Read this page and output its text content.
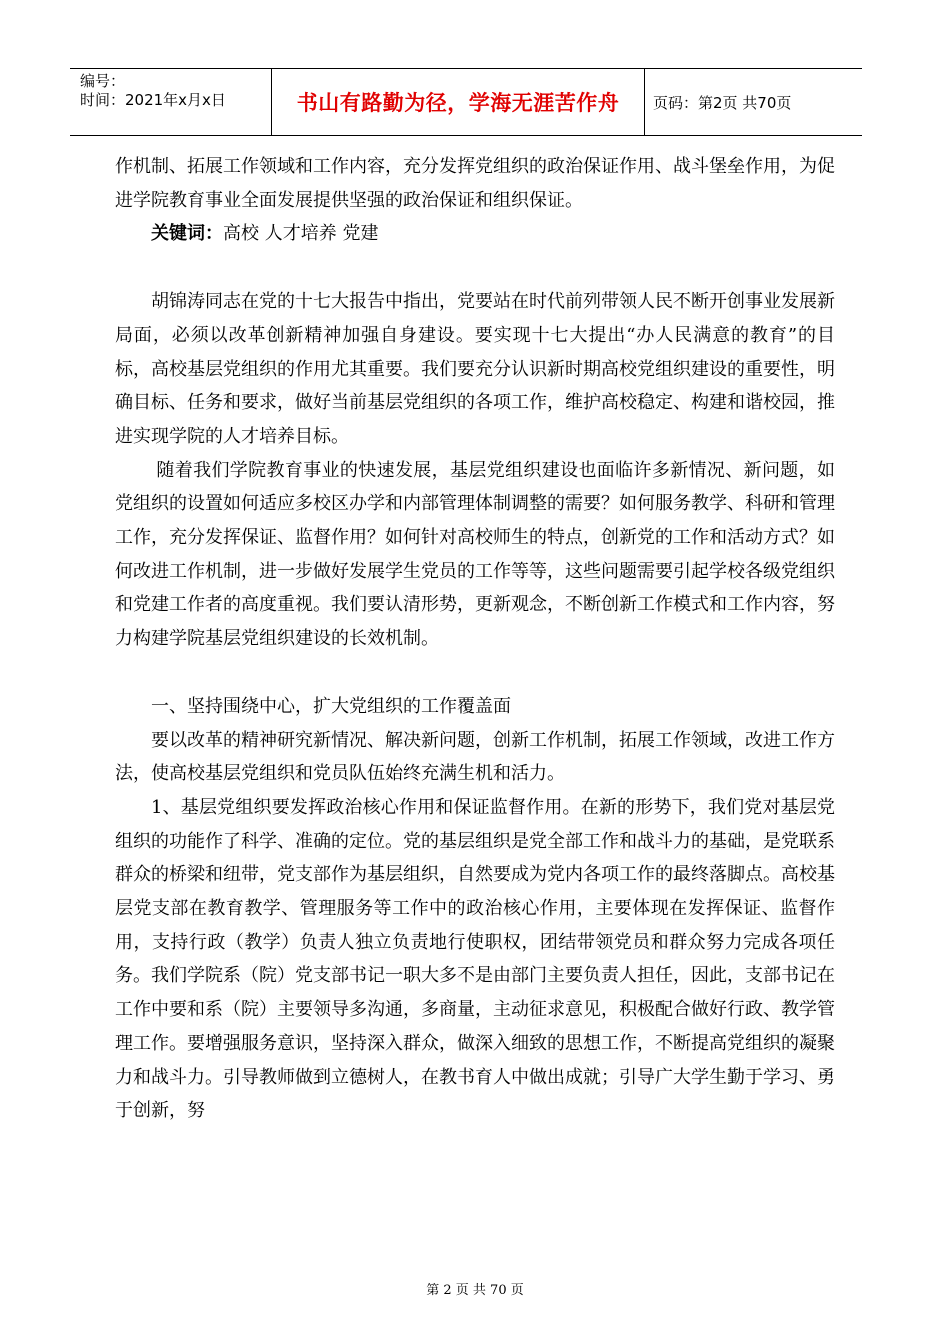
编号：
时间：2021年x月x日	书山有路勤为径，学海无涯苦作舟	页码：第2页 共70页

作机制、拓展工作领域和工作内容，充分发挥党组织的政治保证作用、战斗堡垒作用，为促进学院教育事业全面发展提供坚强的政治保证和组织保证。

关键词：高校 人才培养 党建

胡锦涛同志在党的十七大报告中指出，党要站在时代前列带领人民不断开创事业发展新局面，必须以改革创新精神加强自身建设。要实现十七大提出“办人民满意的教育”的目标，高校基层党组织的作用尤其重要。我们要充分认识新时期高校党组织建设的重要性，明确目标、任务和要求，做好当前基层党组织的各项工作，维护高校稳定、构建和谐校园，推进实现学院的人才培养目标。

随着我们学院教育事业的快速发展，基层党组织建设也面临许多新情况、新问题，如党组织的设置如何适应多校区办学和内部管理体制调整的需要？如何服务教学、科研和管理工作，充分发挥保证、监督作用？如何针对高校师生的特点，创新党的工作和活动方式？如何改进工作机制，进一步做好发展学生党员的工作等等，这些问题需要引起学校各级党组织和党建工作者的高度重视。我们要认清形势，更新观念，不断创新工作模式和工作内容，努力构建学院基层党组织建设的长效机制。

一、坚持围绕中心，扩大党组织的工作覆盖面

要以改革的精神研究新情况、解决新问题，创新工作机制，拓展工作领域，改进工作方法，使高校基层党组织和党员队伍始终充满生机和活力。

1、基层党组织要发挥政治核心作用和保证监督作用。在新的形势下，我们党对基层党组织的功能作了科学、准确的定位。党的基层组织是党全部工作和战斗力的基础，是党联系群众的桥梁和纽带，党支部作为基层组织，自然要成为党内各项工作的最终落脚点。高校基层党支部在教育教学、管理服务等工作中的政治核心作用，主要体现在发挥保证、监督作用，支持行政（教学）负责人独立负责地行使职权，团结带领党员和群众努力完成各项任务。我们学院系（院）党支部书记一职大多不是由部门主要负责人担任，因此，支部书记在工作中要和系（院）主要领导多沟通，多商量，主动征求意见，积极配合做好行政、教学管理工作。要增强服务意识，坚持深入群众，做深入细致的思想工作，不断提高党组织的凝聚力和战斗力。引导教师做到立德树人，在教书育人中做出成就；引导广大学生勤于学习、勇于创新，努

第 2 页 共 70 页
